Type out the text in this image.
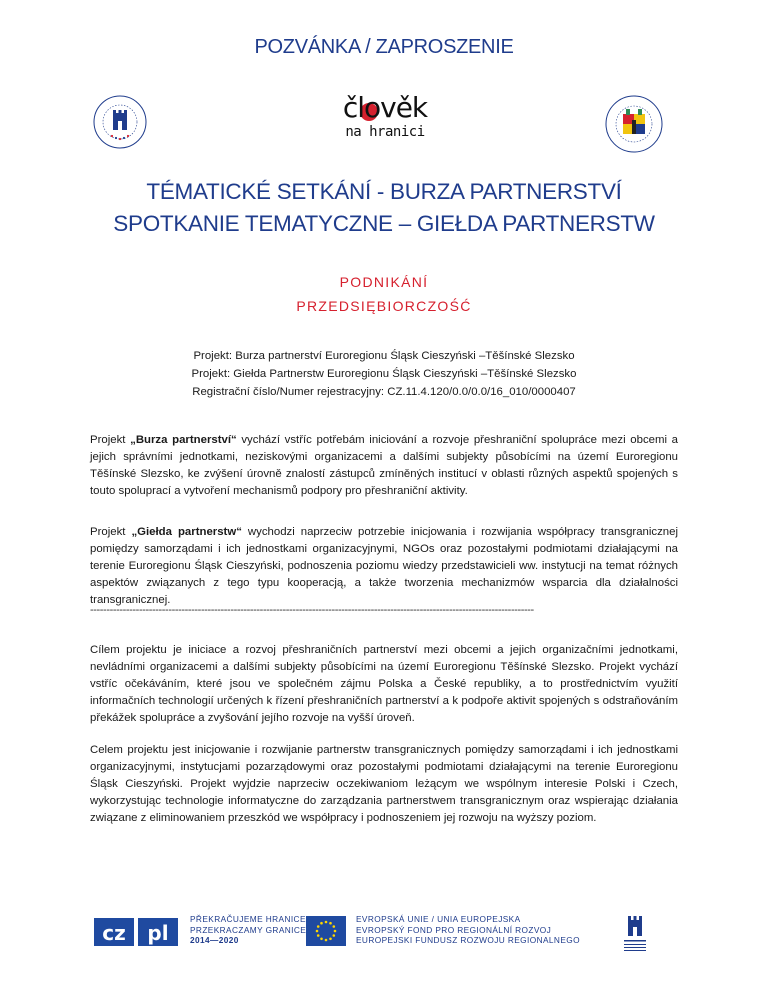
POZVÁNKA / ZAPROSZENIE
člověk
na hranici
TÉMATICKÉ SETKÁNÍ - BURZA PARTNERSTVÍ
SPOTKANIE TEMATYCZNE – GIEŁDA PARTNERSTW
PODNIKÁNÍ
PRZEDSIĘBIORCZOŚĆ
Projekt: Burza partnerství Euroregionu Śląsk Cieszyński –Těšínské Slezsko
Projekt: Giełda Partnerstw Euroregionu Śląsk Cieszyński –Těšínské Slezsko
Registrační číslo/Numer rejestracyjny: CZ.11.4.120/0.0/0.0/16_010/0000407
Projekt „Burza partnerství“ vychází vstříc potřebám iniciování a rozvoje přeshraniční spolupráce mezi obcemi a jejich správními jednotkami, neziskovými organizacemi a dalšími subjekty působícími na území Euroregionu Těšínské Slezsko, ke zvýšení úrovně znalostí zástupců zmíněných institucí v oblasti různých aspektů spojených s touto spoluprací a vytvoření mechanismů podpory pro přeshraniční aktivity.
Projekt „Giełda partnerstw“ wychodzi naprzeciw potrzebie inicjowania i rozwijania współpracy transgranicznej pomiędzy samorządami i ich jednostkami organizacyjnymi, NGOs oraz pozostałymi podmiotami działającymi na terenie Euroregionu Śląsk Cieszyński, podnoszenia poziomu wiedzy przedstawicieli ww. instytucji na temat różnych aspektów związanych z tego typu kooperacją, a także tworzenia mechanizmów wsparcia dla działalności transgranicznej.
----------------------------------------------------------------------------------------------------------------------------------------
Cílem projektu je iniciace a rozvoj přeshraničních partnerství mezi obcemi a jejich organizačními jednotkami, nevládními organizacemi a dalšími subjekty působícími na území Euroregionu Těšínské Slezsko. Projekt vychází vstříc očekáváním, které jsou ve společném zájmu Polska a České republiky, a to prostřednictvím využití informačních technologií určených k řízení přeshraničních partnerství a k podpoře aktivit spojených s odstraňováním překážek spolupráce a zvyšování jejího rozvoje na vyšší úroveň.
Celem projektu jest inicjowanie i rozwijanie partnerstw transgranicznych pomiędzy samorządami i ich jednostkami organizacyjnymi, instytucjami pozarządowymi oraz pozostałymi podmiotami działającymi na terenie Euroregionu Śląsk Cieszyński. Projekt wyjdzie naprzeciw oczekiwaniom leżącym we wspólnym interesie Polski i Czech, wykorzystując technologie informatyczne do zarządzania partnerstwem transgranicznym oraz wspierając działania związane z eliminowaniem przeszkód we współpracy i podnoszeniem jej rozwoju na wyższy poziom.
cz pl
PŘEKRAČUJEME HRANICE
PRZEKRACZAMY GRANICE
2014—2020
EVROPSKÁ UNIE / UNIA EUROPEJSKA
EVROPSKÝ FOND PRO REGIONÁLNÍ ROZVOJ
EUROPEJSKI FUNDUSZ ROZWOJU REGIONALNEGO
